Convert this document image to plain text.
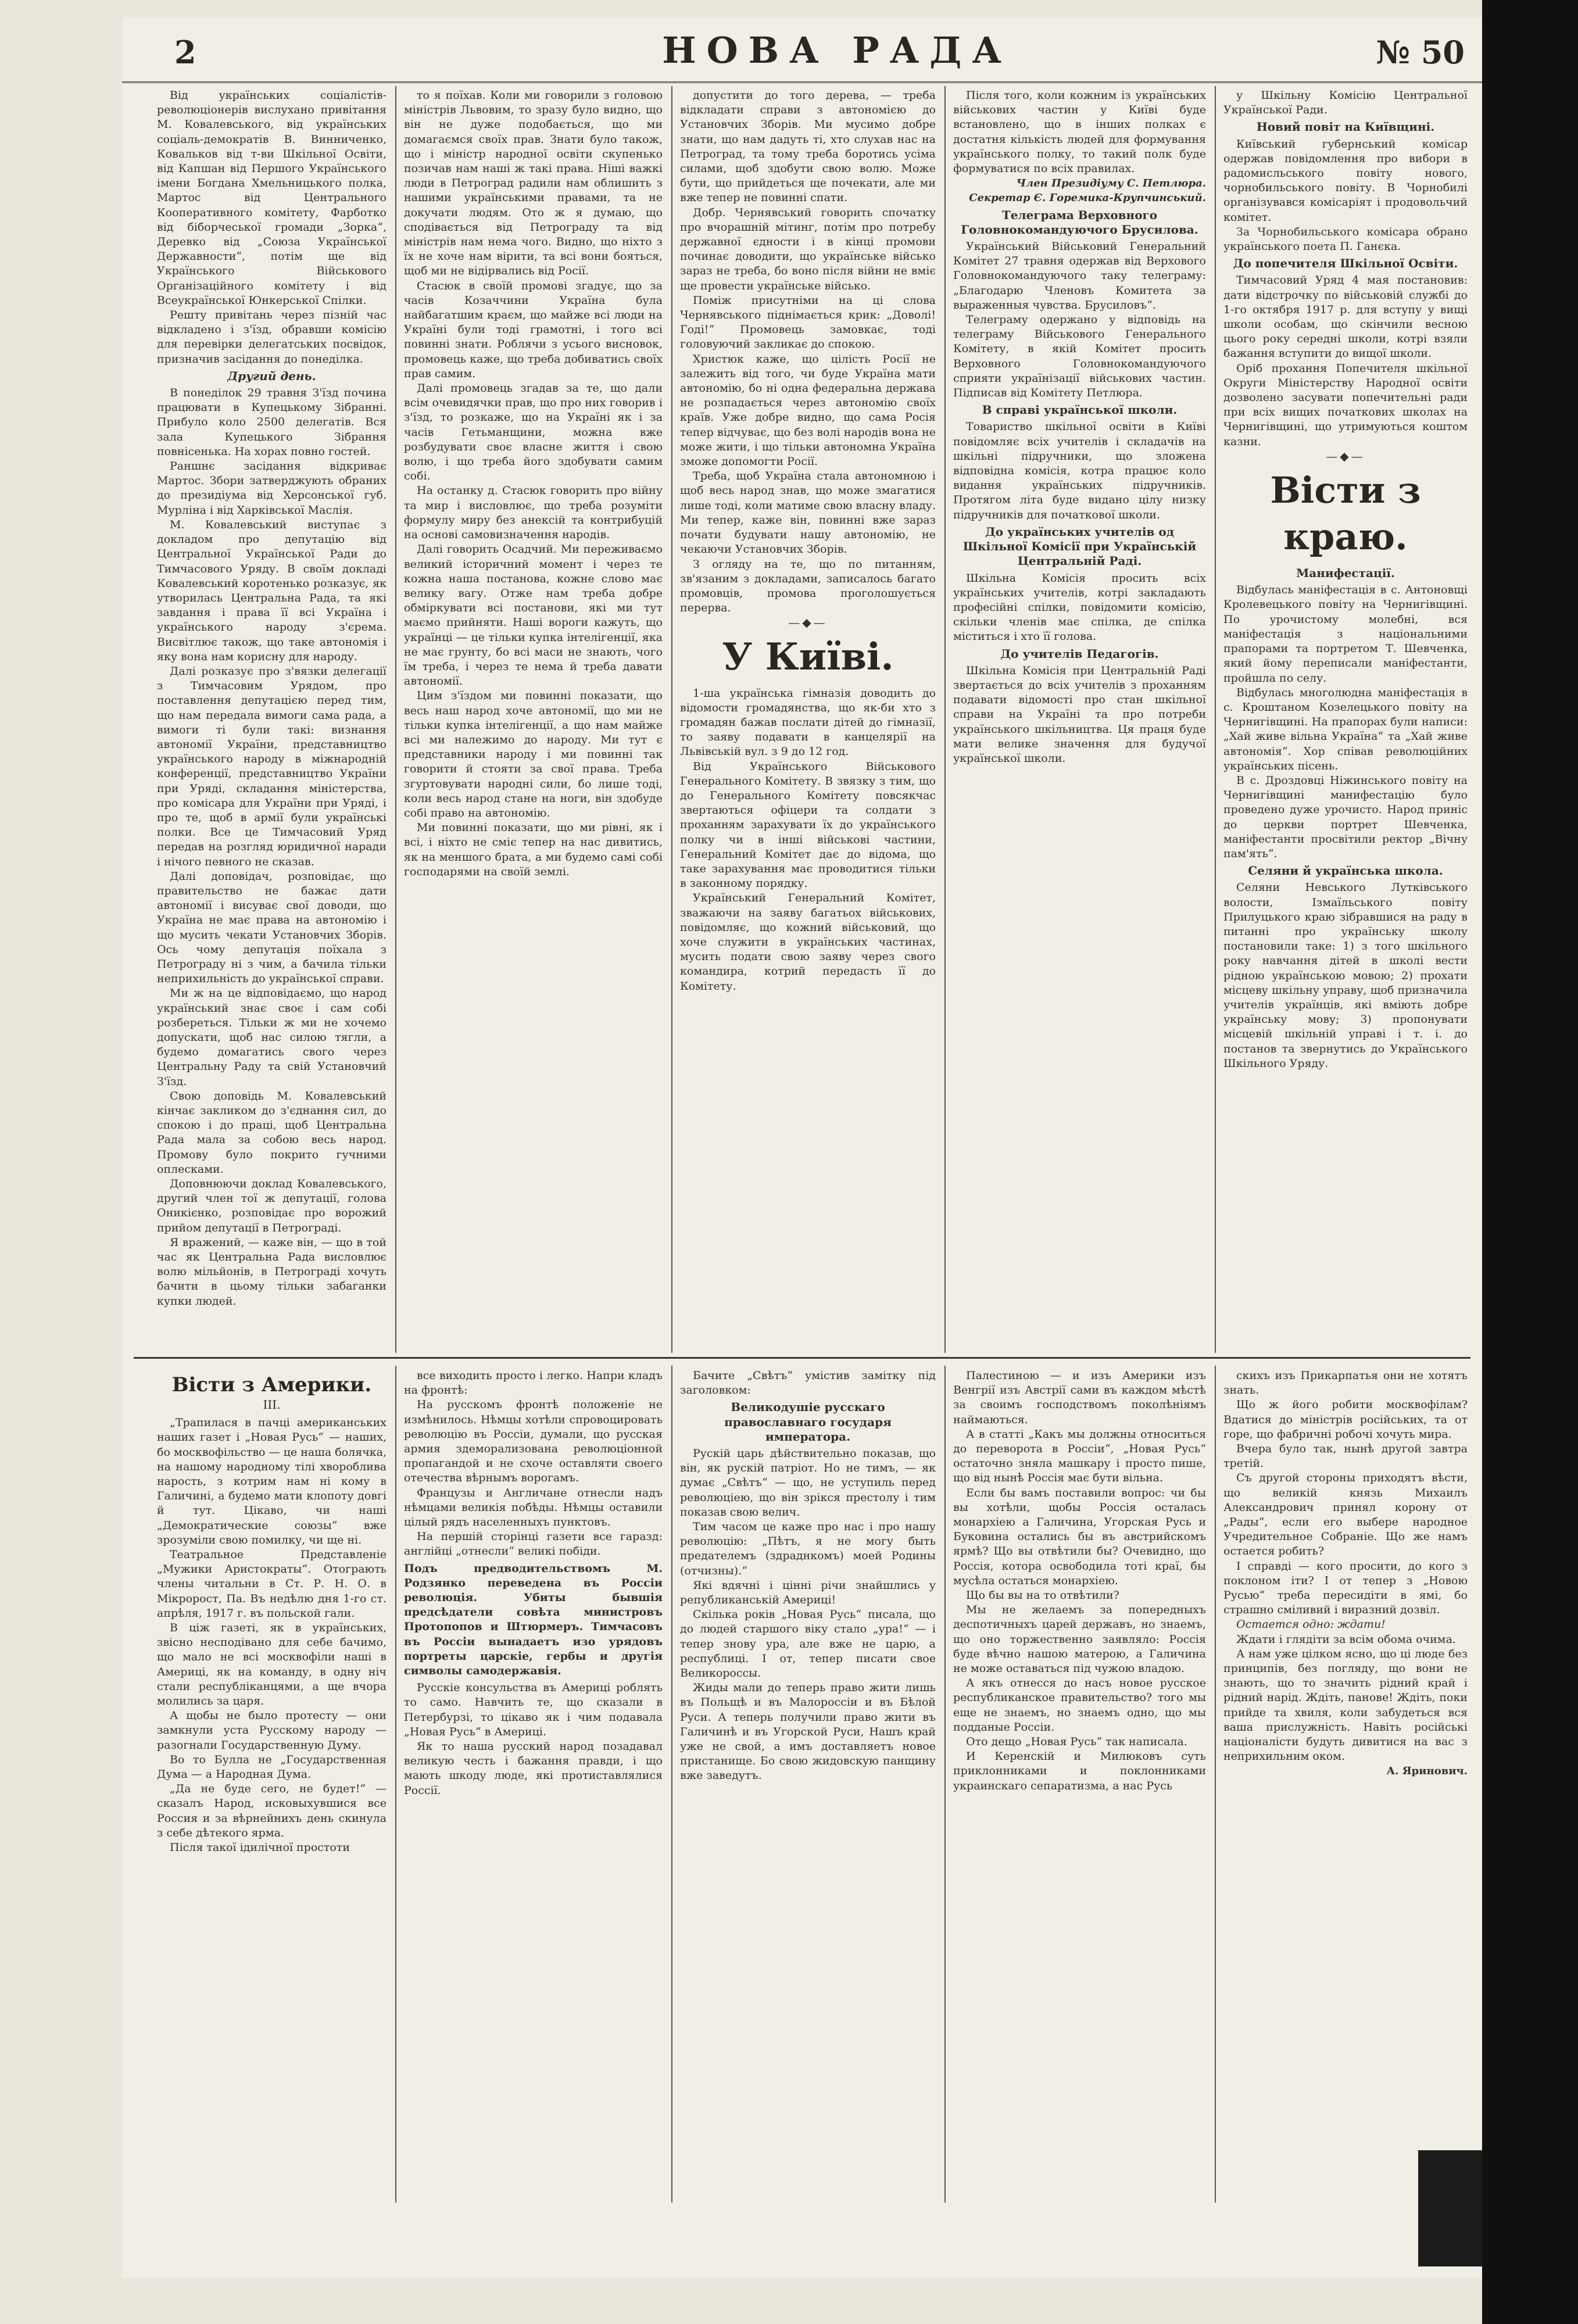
2	НОВА РАДА	№ 50

Від українських соціалістів-революціонерів вислухано привітання М. Ковалевського, від українських соціаль-демократів В. Винниченко, Ковальков від т-ви Шкільної Освіти, від Капшан від Першого Українського імени Богдана Хмельницького полка, Мартос від Центрального Кооперативного комітету, Фарботко від біборчеської громади „Зорка“, Деревко від „Союза Української Державности“, потім ще від Українського Військового Організаційного комітету і від Всеукраїнської Юнкерської Спілки.

Решту привітань через пізній час відкладено і з'їзд, обравши комісію для перевірки делегатських посвідок, призначив засідання до понеділка.

Другий день.

В понеділок 29 травня З'їзд почина працювати в Купецькому Зібранні. Прибуло коло 2500 делегатів. Вся зала Купецького Зібрання повнісенька. На хорах повно гостей.

Раншнє засідання відкриває Мартос. Збори затверджують обраних до президіума від Херсонської губ. Мурліна і від Харківської Маслія.

М. Ковалевський виступає з докладом про депутацію від Центральної Української Ради до Тимчасового Уряду. В своїм докладі Ковалевський коротенько розказує, як утворилась Центральна Рада, та які завдання і права її всі Україна і українського народу з'єрема. Висвітлює також, що таке автономія і яку вона нам корисну для народу.

Далі розказує про з'вязки делегації з Тимчасовим Урядом, про поставлення депутацією перед тим, що нам передала вимоги сама рада, а вимоги ті були такі: визнання автономії України, представництво українського народу в міжнародній конференції, представництво України при Уряді, складання міністерства, про комісара для України при Уряді, і про те, щоб в армії були українські полки. Все це Тимчасовий Уряд передав на розгляд юридичної наради і нічого певного не сказав.

Далі доповідач, розповідає, що правительство не бажає дати автономії і висуває свої доводи, що Україна не має права на автономію і що мусить чекати Установчих Зборів. Ось чому депутація поїхала з Петрограду ні з чим, а бачила тільки неприхильність до української справи.

Ми ж на це відповідаємо, що народ український знає своє і сам собі розбереться. Тільки ж ми не хочемо допускати, щоб нас силою тягли, а будемо домагатись свого через Центральну Раду та свій Установчий З'їзд.

Свою доповідь М. Ковалевський кінчає закликом до з'єднання сил, до спокою і до праці, щоб Центральна Рада мала за собою весь народ. Промову було покрито гучними оплесками.

Доповнюючи доклад Ковалевського, другий член тої ж депутації, голова Оникієнко, розповідає про ворожий прийом депутації в Петрограді.

Я вражений, — каже він, — що в той час як Центральна Рада висловлює волю мільйонів, в Петрограді хочуть бачити в цьому тільки забаганки купки людей.

то я поїхав. Коли ми говорили з головою міністрів Львовим, то зразу було видно, що він не дуже подобається, що ми домагаємся своїх прав. Знати було також, що і міністр народної освіти скупенько позичав нам наші ж такі права. Ніші важкі люди в Петроград радили нам облишить з нашими українськими правами, та не докучати людям. Ото ж я думаю, що сподівається від Петрограду та від міністрів нам нема чого. Видно, що ніхто з їх не хоче нам вірити, та всі вони бояться, щоб ми не відірвались від Росії.

Стасюк в своїй промові згадує, що за часів Козаччини Україна була найбагатшим краєм, що майже всі люди на Україні були тоді грамотні, і того всі повинні знати. Роблячи з усього висновок, промовець каже, що треба добиватись своїх прав самим.

Далі промовець згадав за те, що дали всім очевидячки прав, що про них говорив і з'їзд, то розкаже, що на Україні як і за часів Гетьманщини, можна вже розбудувати своє власне життя і свою волю, і що треба його здобувати самим собі.

На останку д. Стасюк говорить про війну та мир і висловлює, що треба розуміти формулу миру без анексій та контрибуцій на основі самовизначення народів.

Далі говорить Осадчий. Ми переживаємо великий історичний момент і через те кожна наша постанова, кожне слово має велику вагу. Отже нам треба добре обміркувати всі постанови, які ми тут маємо прийняти. Наші вороги кажуть, що українці — це тільки купка інтелігенції, яка не має грунту, бо всі маси не знають, чого їм треба, і через те нема й треба давати автономії.

Цим з'їздом ми повинні показати, що весь наш народ хоче автономії, що ми не тільки купка інтелігенції, а що нам майже всі ми належимо до народу. Ми тут є представники народу і ми повинні так говорити й стояти за свої права. Треба згуртовувати народні сили, бо лише тоді, коли весь народ стане на ноги, він здобуде собі право на автономію.

Ми повинні показати, що ми рівні, як і всі, і ніхто не сміє тепер на нас дивитись, як на меншого брата, а ми будемо самі собі господарями на своїй землі.

допустити до того дерева, — треба відкладати справи з автономією до Установчих Зборів. Ми мусимо добре знати, що нам дадуть ті, хто слухав нас на Петроград, та тому треба боротись усіма силами, щоб здобути свою волю. Може бути, що прийдеться ще почекати, але ми вже тепер не повинні спати.

Добр. Чернявський говорить спочатку про вчорашній мітинг, потім про потребу державної єдности і в кінці промови починає доводити, що українське військо зараз не треба, бо воно після війни не вміє ще провести українське військо.

Поміж присутніми на ці слова Чернявського піднімається крик: „Доволі! Годі!“ Промовець замовкає, тоді головуючий закликає до спокою.

Христюк каже, що цілість Росії не залежить від того, чи буде Україна мати автономію, бо ні одна федеральна держава не розпадається через автономію своїх країв. Уже добре видно, що сама Росія тепер відчуває, що без волі народів вона не може жити, і що тільки автономна Україна зможе допомогти Росії.

Треба, щоб Україна стала автономною і щоб весь народ знав, що може змагатися лише тоді, коли матиме свою власну владу. Ми тепер, каже він, повинні вже зараз почати будувати нашу автономію, не чекаючи Установчих Зборів.

З огляду на те, що по питанням, зв'язаним з докладами, записалось багато промовців, промова проголошується перерва.

—◆—

У Київі.

1-ша українська гімназія доводить до відомости громадянства, що як-би хто з громадян бажав послати дітей до гімназії, то заяву подавати в канцелярії на Львівській вул. з 9 до 12 год.

Від Українського Військового Генерального Комітету. В звязку з тим, що до Генерального Комітету повсякчас звертаються офіцери та солдати з проханням зарахувати їх до українського полку чи в інші військові частини, Генеральний Комітет дає до відома, що таке зарахування має проводитися тільки в законному порядку.

Український Генеральний Комітет, зважаючи на заяву багатьох військових, повідомляє, що кожний військовий, що хоче служити в українських частинах, мусить подати свою заяву через свого командира, котрий передасть її до Комітету.

Після того, коли кожним із українських військових частин у Київі буде встановлено, що в інших полках є достатня кількість людей для формування українського полку, то такий полк буде формуватися по всіх правилах.

Член Президіуму С. Петлюра. Секретар Є. Горемика-Крупчинський.

Телеграма Верховного Головнокомандуючого Брусилова.

Український Військовий Генеральний Комітет 27 травня одержав від Верхового Головнокомандуючого таку телеграму: „Благодарю Членовъ Комитета за выраженныя чувства. Брусиловъ“.

Телеграму одержано у відповідь на телеграму Військового Генерального Комітету, в якій Комітет просить Верховного Головнокомандуючого сприяти українізації військових частин. Підписав від Комітету Петлюра.

В справі української школи.

Товариство шкільної освіти в Київі повідомляє всіх учителів і складачів на шкільні підручники, що зложена відповідна комісія, котра працює коло видання українських підручників. Протягом літа буде видано цілу низку підручників для початкової школи.

До українських учителів од Шкільної Комісії при Українській Центральній Раді.

Шкільна Комісія просить всіх українських учителів, котрі закладають професійні спілки, повідомити комісію, скільки членів має спілка, де спілка міститься і хто її голова.

До учителів Педагогів.

Шкільна Комісія при Центральній Раді звертається до всіх учителів з проханням подавати відомості про стан шкільної справи на Україні та про потреби українського шкільництва. Ця праця буде мати велике значення для будучої української школи.

у Шкільну Комісію Центральної Української Ради.

Новий повіт на Київщині.

Київський губернський комісар одержав повідомлення про вибори в радомисльського повіту нового, чорнобильського повіту. В Чорнобилі організувався комісаріят і продовольчий комітет.

За Чорнобильського комісара обрано українського поета П. Ганєка.

До попечителя Шкільної Освіти.

Тимчасовий Уряд 4 мая постановив: дати відстрочку по військовій службі до 1-го октября 1917 р. для вступу у вищі школи особам, що скінчили весною цього року середні школи, котрі взяли бажання вступити до вищої школи.

Оріб прохання Попечителя шкільної Округи Міністерству Народної освіти дозволено засувати попечительні ради при всіх вищих початкових школах на Чернигівщині, що утримуються коштом казни.

—◆—

Вісти з краю.

Манифестації.

Відбулась маніфестація в с. Антоновщі Кролевецького повіту на Чернигівщині. По урочистому молебні, вся маніфестація з національними прапорами та портретом Т. Шевченка, який йому переписали маніфестанти, пройшла по селу.

Відбулась многолюдна маніфестація в с. Кроштаном Козелецького повіту на Чернигівщині. На прапорах були написи: „Хай живе вільна Україна“ та „Хай живе автономія“. Хор співав революційних українських пісень.

В с. Дроздовці Ніжинського повіту на Чернигівщині манифестацію було проведено дуже урочисто. Народ приніс до церкви портрет Шевченка, маніфестанти просвітили ректор „Вічну пам'ять“.

Селяни й українська школа.

Селяни Невського Лутківського волости, Ізмаїльського повіту Прилуцького краю зібравшися на раду в питанні про українську школу постановили таке: 1) з того шкільного року навчання дітей в школі вести рідною українською мовою; 2) прохати місцеву шкільну управу, щоб призначила учителів українців, які вміють добре українську мову; 3) пропонувати місцевій шкільній управі і т. і. до постанов та звернутись до Українського Шкільного Уряду.

Вісти з Америки.

III.

„Трапилася в пачці американських наших газет і „Новая Русь“ — наших, бо москвофільство — це наша болячка, на нашому народному тілі хвороблива нарость, з котрим нам ні кому в Галичині, а будемо мати клопоту довгі й тут. Цікаво, чи наші „Демократические союзы“ вже зрозуміли свою помилку, чи ще ні.

Театральное Представленіе „Мужики Аристократы“. Отограють члены читальни в Ст. Р. Н. О. в Мікророст, Па. Въ недѣлю дня 1-го ст. апрѣля, 1917 г. въ польской гали.

В ціж газеті, як в українських, звісно несподівано для себе бачимо, що мало не всі москвофіли наші в Америці, як на команду, в одну ніч стали республіканцями, а ще вчора молились за царя.

А щобы не было протесту — они замкнули уста Русскому народу — разогнали Государственную Думу.

Во то Булла не „Государственная Дума — а Народная Дума.

„Да не буде сего, не будет!“ — сказалъ Народ, исковыхувшися все Россия и за вѣрнейнихъ день скинула з себе дѣтекого ярма.

Після такої ідилічної простоти

все виходить просто і легко. Напри кладъ на фронтѣ:

На русскомъ фронтѣ положеніе не измѣнилось. Нѣмцы хотѣли спровоцировать революцію въ Россіи, думали, що русская армия здеморализована революціонной пропагандой и не схоче оставляти своего отечества вѣрнымъ ворогамъ.

Французы и Англичане отнесли надъ нѣмцами великія побѣды. Нѣмцы оставили цілый рядъ населенныхъ пунктовъ.

На першій сторінці газети все гаразд: англійці „отнесли“ великі побіди.

Подъ предводительствомъ М. Родзянко переведена въ Россіи революція. Убиты бывшія предсѣдатели совѣта министровъ Протопопов и Штюрмеръ. Тимчасовъ въ Россіи вынадаетъ изо урядовъ портреты царскіе, гербы и другія символы самодержавія.

Русскіе консульства въ Америці роблять то само. Навчить те, що сказали в Петербурзі, то цікаво як і чим подавала „Новая Русь“ в Америці.

Як то наша русский народ позадавал великую честь і бажання правди, і що мають шкоду люде, які протиставлялися Россії.

Бачите „Свѣтъ“ умістив замітку під заголовком:

Великодушіе русскаго православнаго государя императора.

Рускій царь дѣйствительно показав, що він, як рускій патріот. Но не тимъ, — як думає „Свѣтъ“ — що, не уступиль перед революціею, що він зрікся престолу і тим показав свою велич.

Тим часом це каже про нас і про нашу революцію: „Пѣтъ, я не могу быть предателемъ (здраднкомъ) моей Родины (отчизны).“

Які вдячні і цінні річи знайшлись у републиканській Америці!

Скілька років „Новая Русь“ писала, що до людей старшого віку стало „ура!“ — і тепер знову ура, але вже не царю, а республиці. І от, тепер писати свое Великороссы.

Жиды мали до теперь право жити лишь въ Польщѣ и въ Малороссіи и въ Бѣлой Руси. А теперь получили право жити въ Галичинѣ и въ Угорской Руси, Нашъ край уже не свой, а имъ доставляетъ новое пристанище. Бо свою жидовскую панщину вже заведутъ.

Палестиною — и изъ Америки изъ Венгрії изъ Австрії сами въ каждом мѣстѣ за своимъ господствомъ поколѣніямъ наймаються.

А в статті „Какъ мы должны относиться до переворота в Россіи“, „Новая Русь“ остаточно зняла машкару і просто пише, що від нынѣ Россія має бути вільна.

Если бы вамъ поставили вопрос: чи бы вы хотѣли, щобы Россія осталась монархіею а Галичина, Угорская Русь и Буковина остались бы въ австрийскомъ ярмѣ? Що вы отвѣтили бы? Очевидно, що Россія, котора освободила тоті краї, бы мусѣла остаться монархіею.

Що бы вы на то отвѣтили?

Мы не желаемъ за попередныхъ деспотичныхъ царей державъ, но знаемъ, що оно торжественно заявляло: Россія буде вѣчно нашою матерою, а Галичина не може оставаться під чужою владою.

А якъ отнесся до насъ новое русское республиканское правительство? того мы еще не знаемъ, но знаемъ одно, що мы подданые Россіи.

Ото дещо „Новая Русь“ так написала.

И Керенскій и Милюковъ суть приклонниками и поклонниками украинскаго сепаратизма, а нас Русь

скихъ изъ Прикарпатья они не хотятъ знать.

Що ж його робити москвофілам? Вдатися до міністрів російських, та от горе, що фабричні робочі хочуть мира.

Вчера було так, нынѣ другой завтра третій.

Съ другой стороны приходятъ вѣсти, що великій князь Михаилъ Александрович принял корону от „Рады“, если его выбере народное Учредительное Собраніе. Що же намъ остается робить?

І справді — кого просити, до кого з поклоном іти? І от тепер з „Новою Русью“ треба пересидіти в ямі, бо страшно сміливий і виразний дозвіл.

Остается одно: ждати!

Ждати і глядіти за всім обома очима.

А нам уже цілком ясно, що ці люде без принципів, без погляду, що вони не знають, що то значить рідний край і рідний нарід. Ждіть, панове! Ждіть, поки прийде та хвиля, коли забудеться вся ваша прислужність. Навіть російські націоналісти будуть дивитися на вас з неприхильним оком.

А. Яринович.
